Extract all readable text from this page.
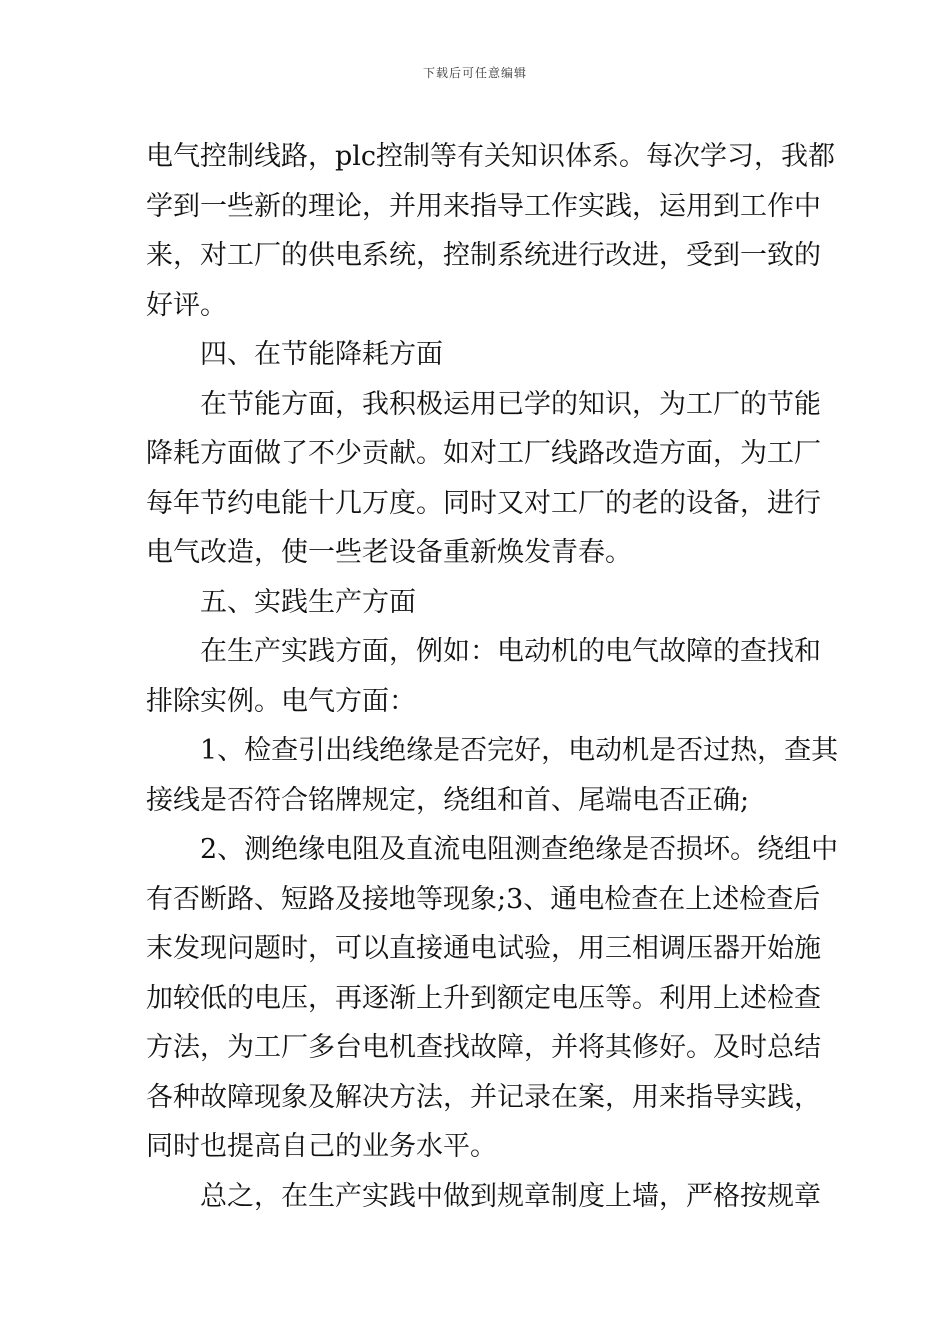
下载后可任意编辑

电气控制线路，plc控制等有关知识体系。每次学习，我都

学到一些新的理论，并用来指导工作实践，运用到工作中

来，对工厂的供电系统，控制系统进行改进，受到一致的

好评。

四、在节能降耗方面

在节能方面，我积极运用已学的知识，为工厂的节能

降耗方面做了不少贡献。如对工厂线路改造方面，为工厂

每年节约电能十几万度。同时又对工厂的老的设备，进行

电气改造，使一些老设备重新焕发青春。

五、实践生产方面

在生产实践方面，例如：电动机的电气故障的查找和

排除实例。电气方面：

1、检查引出线绝缘是否完好，电动机是否过热，查其

接线是否符合铭牌规定，绕组和首、尾端电否正确;

2、测绝缘电阻及直流电阻测查绝缘是否损坏。绕组中

有否断路、短路及接地等现象;3、通电检查在上述检查后

末发现问题时，可以直接通电试验，用三相调压器开始施

加较低的电压，再逐渐上升到额定电压等。利用上述检查

方法，为工厂多台电机查找故障，并将其修好。及时总结

各种故障现象及解决方法，并记录在案，用来指导实践，

同时也提高自己的业务水平。

总之，在生产实践中做到规章制度上墙，严格按规章
